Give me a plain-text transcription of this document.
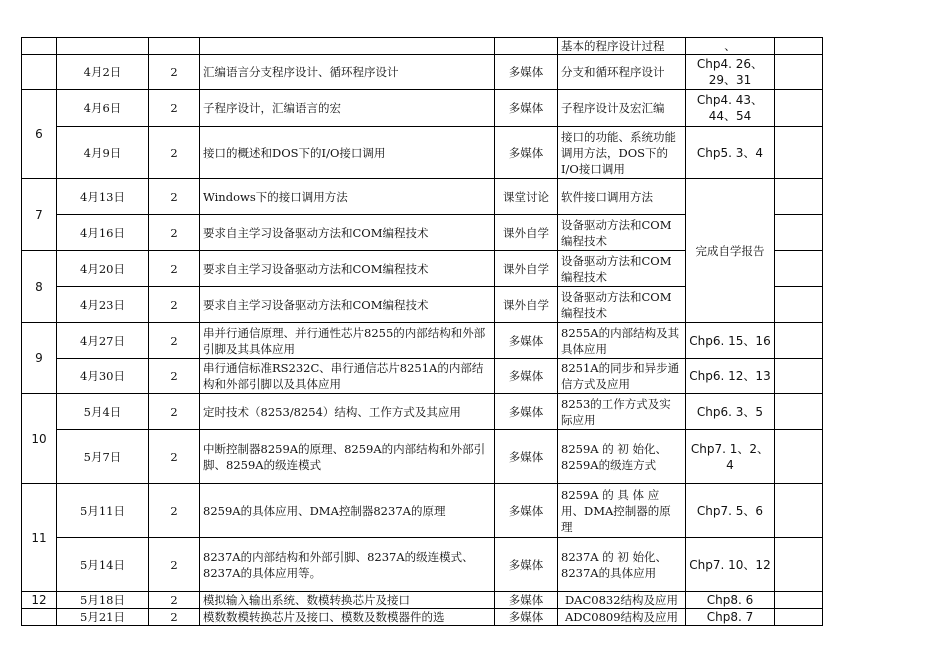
					基本的程序设计过程	、	
	4月2日	2	汇编语言分支程序设计、循环程序设计	多媒体	分支和循环程序设计	Chp4. 26、29、31	
6	4月6日	2	子程序设计，汇编语言的宏	多媒体	子程序设计及宏汇编	Chp4. 43、44、54	
	4月9日	2	接口的概述和DOS下的I/O接口调用	多媒体	接口的功能、系统功能调用方法，DOS下的I/O接口调用	Chp5. 3、4	
7	4月13日	2	Windows下的接口调用方法	课堂讨论	软件接口调用方法	完成自学报告	
	4月16日	2	要求自主学习设备驱动方法和COM编程技术	课外自学	设备驱动方法和COM编程技术		
8	4月20日	2	要求自主学习设备驱动方法和COM编程技术	课外自学	设备驱动方法和COM编程技术		
	4月23日	2	要求自主学习设备驱动方法和COM编程技术	课外自学	设备驱动方法和COM编程技术		
9	4月27日	2	串并行通信原理、并行通性芯片8255的内部结构和外部引脚及其具体应用	多媒体	8255A的内部结构及其具体应用	Chp6. 15、16	
	4月30日	2	串行通信标准RS232C、串行通信芯片8251A的内部结构和外部引脚以及具体应用	多媒体	8251A的同步和异步通信方式及应用	Chp6. 12、13	
10	5月4日	2	定时技术（8253/8254）结构、工作方式及其应用	多媒体	8253的工作方式及实际应用	Chp6. 3、5	
	5月7日	2	中断控制器8259A的原理、8259A的内部结构和外部引脚、8259A的级连模式	多媒体	8259A 的 初 始化、8259A的级连方式	Chp7. 1、2、4	
11	5月11日	2	8259A的具体应用、DMA控制器8237A的原理	多媒体	8259A 的 具 体 应用、DMA控制器的原理	Chp7. 5、6	
	5月14日	2	8237A的内部结构和外部引脚、8237A的级连模式、8237A的具体应用等。	多媒体	8237A 的 初 始化、8237A的具体应用	Chp7. 10、12	
12	5月18日	2	模拟输入输出系统、数模转换芯片及接口	多媒体	DAC0832结构及应用	Chp8. 6	
	5月21日	2	模数数模转换芯片及接口、模数及数模器件的选	多媒体	ADC0809结构及应用	Chp8. 7	
